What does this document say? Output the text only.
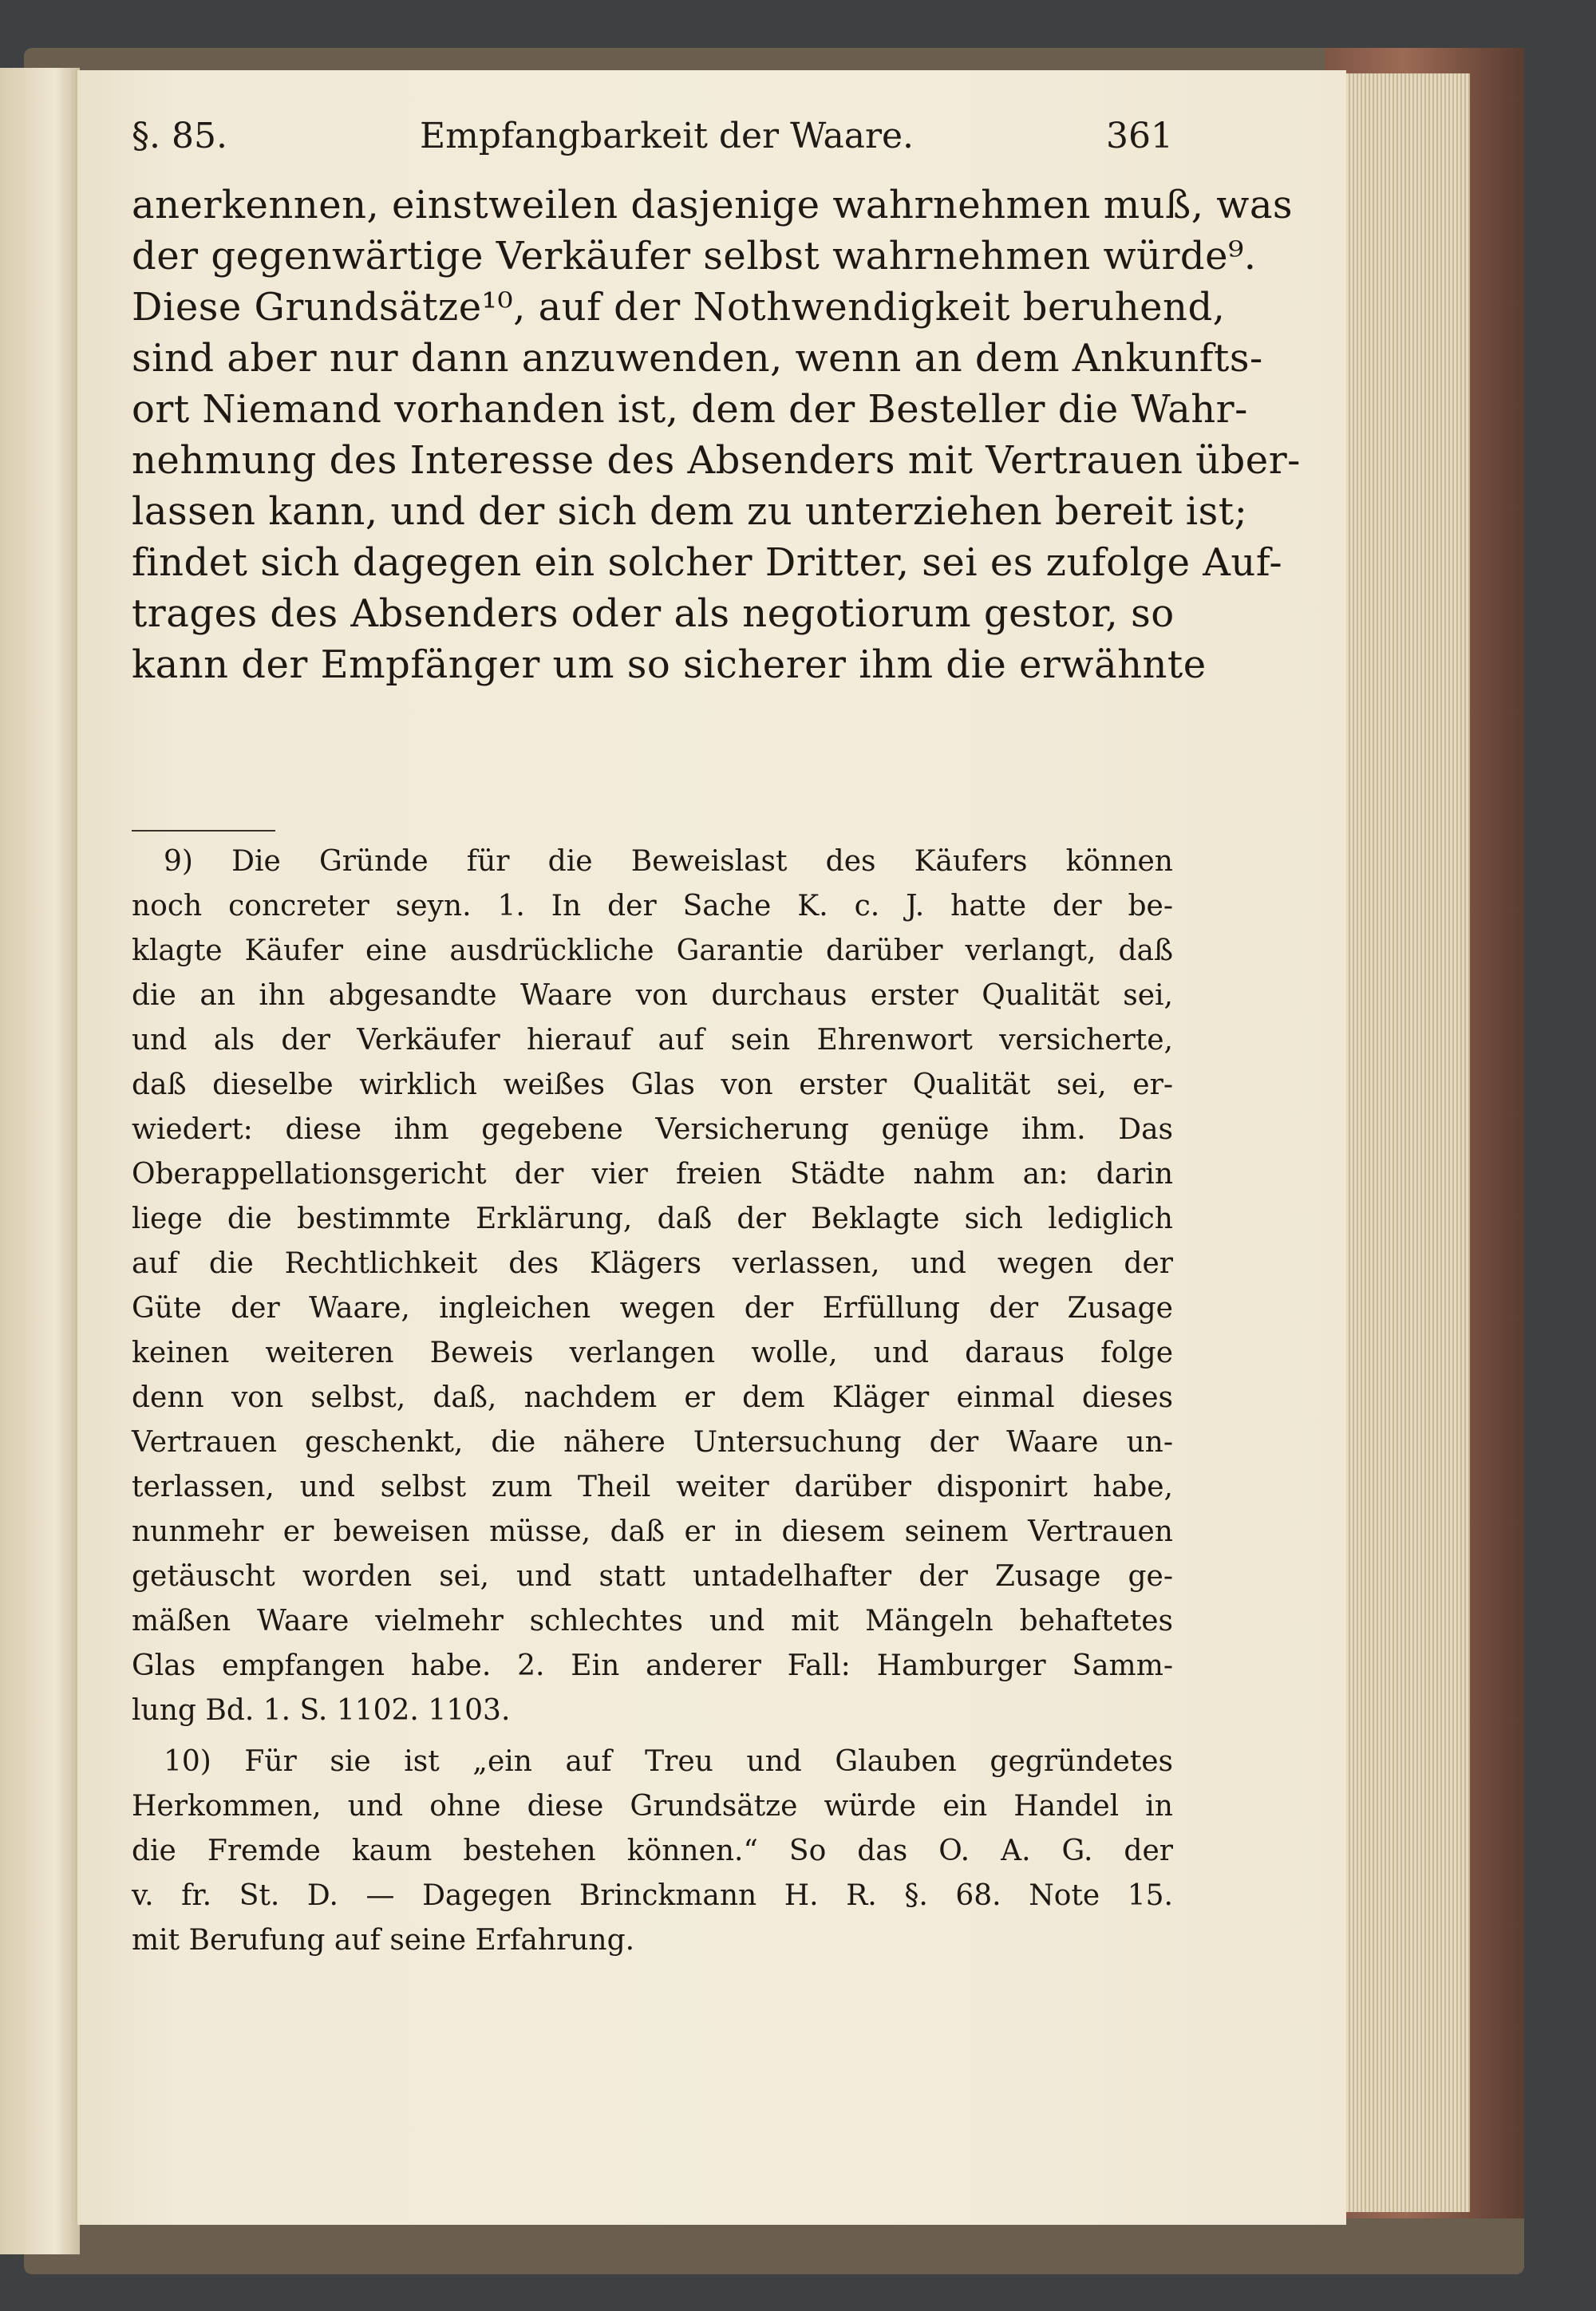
§. 85.	Empfangbarkeit der Waare.	361
anerkennen, einstweilen dasjenige wahrnehmen muß, was
der gegenwärtige Verkäufer selbst wahrnehmen würde⁹.
Diese Grundsätze¹⁰, auf der Nothwendigkeit beruhend,
sind aber nur dann anzuwenden, wenn an dem Ankunfts-
ort Niemand vorhanden ist, dem der Besteller die Wahr-
nehmung des Interesse des Absenders mit Vertrauen über-
lassen kann, und der sich dem zu unterziehen bereit ist;
findet sich dagegen ein solcher Dritter, sei es zufolge Auf-
trages des Absenders oder als negotiorum gestor, so
kann der Empfänger um so sicherer ihm die erwähnte
9) Die Gründe für die Beweislast des Käufers können
noch concreter seyn. 1. In der Sache K. c. J. hatte der be-
klagte Käufer eine ausdrückliche Garantie darüber verlangt, daß
die an ihn abgesandte Waare von durchaus erster Qualität sei,
und als der Verkäufer hierauf auf sein Ehrenwort versicherte,
daß dieselbe wirklich weißes Glas von erster Qualität sei, er-
wiedert: diese ihm gegebene Versicherung genüge ihm. Das
Oberappellationsgericht der vier freien Städte nahm an: darin
liege die bestimmte Erklärung, daß der Beklagte sich lediglich
auf die Rechtlichkeit des Klägers verlassen, und wegen der
Güte der Waare, ingleichen wegen der Erfüllung der Zusage
keinen weiteren Beweis verlangen wolle, und daraus folge
denn von selbst, daß, nachdem er dem Kläger einmal dieses
Vertrauen geschenkt, die nähere Untersuchung der Waare un-
terlassen, und selbst zum Theil weiter darüber disponirt habe,
nunmehr er beweisen müsse, daß er in diesem seinem Vertrauen
getäuscht worden sei, und statt untadelhafter der Zusage ge-
mäßen Waare vielmehr schlechtes und mit Mängeln behaftetes
Glas empfangen habe. 2. Ein anderer Fall: Hamburger Samm-
lung Bd. 1. S. 1102. 1103.
10) Für sie ist „ein auf Treu und Glauben gegründetes
Herkommen, und ohne diese Grundsätze würde ein Handel in
die Fremde kaum bestehen können.“ So das O. A. G. der
v. fr. St. D. — Dagegen Brinckmann H. R. §. 68. Note 15.
mit Berufung auf seine Erfahrung.
